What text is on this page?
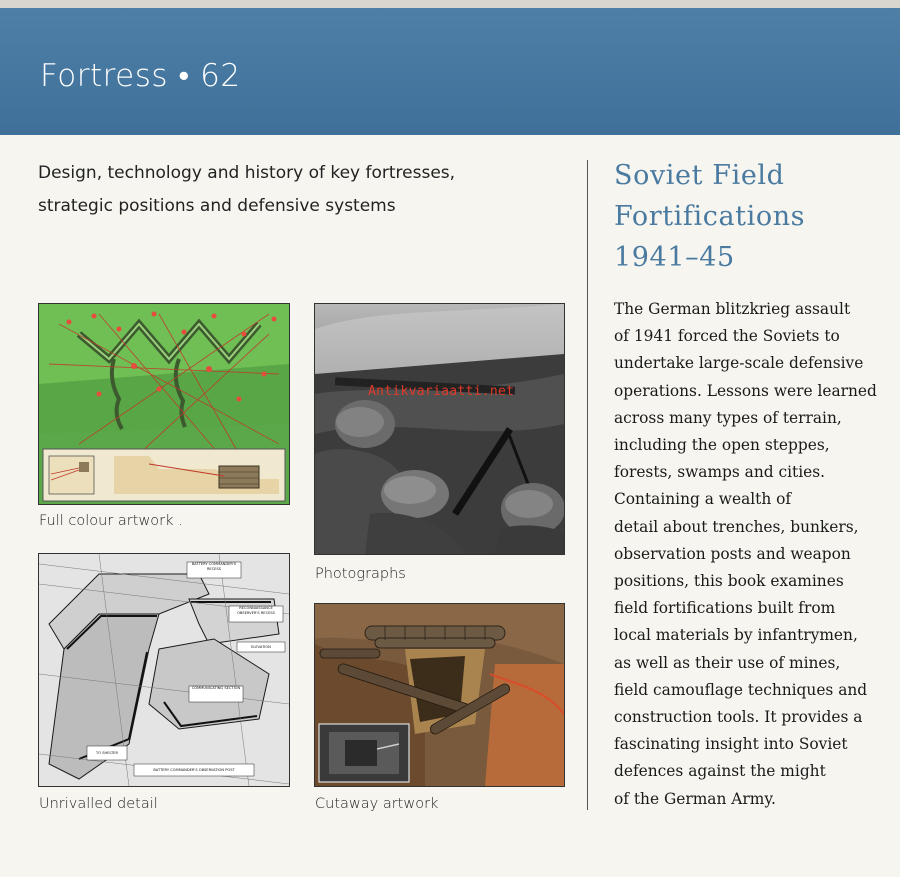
Fortress • 62
Design, technology and history of key fortresses,
strategic positions and defensive systems
Soviet Field
Fortifications
1941–45
The German blitzkrieg assault
of 1941 forced the Soviets to
undertake large-scale defensive
operations. Lessons were learned
across many types of terrain,
including the open steppes,
forests, swamps and cities.
Containing a wealth of
detail about trenches, bunkers,
observation posts and weapon
positions, this book examines
field fortifications built from
local materials by infantrymen,
as well as their use of mines,
field camouflage techniques and
construction tools. It provides a
fascinating insight into Soviet
defences against the might
of the German Army.
Full colour artwork .
Antikvariaatti.net
Photographs
BATTERY COMMANDER'S RECESS
RECONNAISSANCE OBSERVER'S RECESS
COMMUNICATING SECTION
BATTERY COMMANDER'S OBSERVATION POST
TO SHELTER
ELEVATION
Unrivalled detail	Cutaway artwork
